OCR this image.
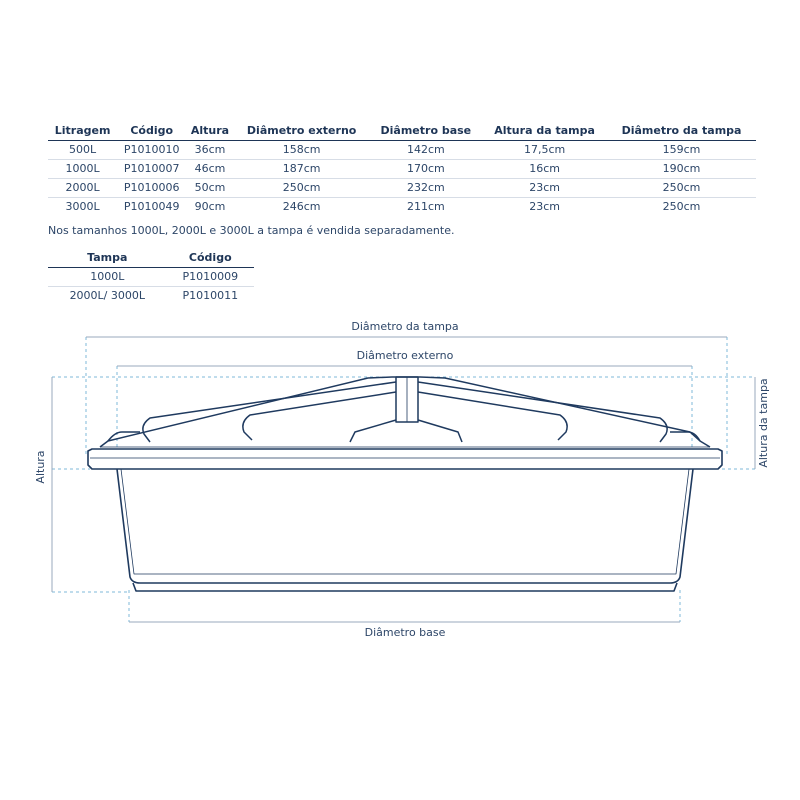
Litragem	Código	Altura	Diâmetro externo	Diâmetro base	Altura da tampa	Diâmetro da tampa
500L	P1010010	36cm	158cm	142cm	17,5cm	159cm
1000L	P1010007	46cm	187cm	170cm	16cm	190cm
2000L	P1010006	50cm	250cm	232cm	23cm	250cm
3000L	P1010049	90cm	246cm	211cm	23cm	250cm
Nos tamanhos 1000L, 2000L e 3000L a tampa é vendida separadamente.
Tampa	Código
1000L	P1010009
2000L/ 3000L	P1010011
Diâmetro da tampa
Diâmetro externo
Diâmetro base
Altura	Altura da tampa
